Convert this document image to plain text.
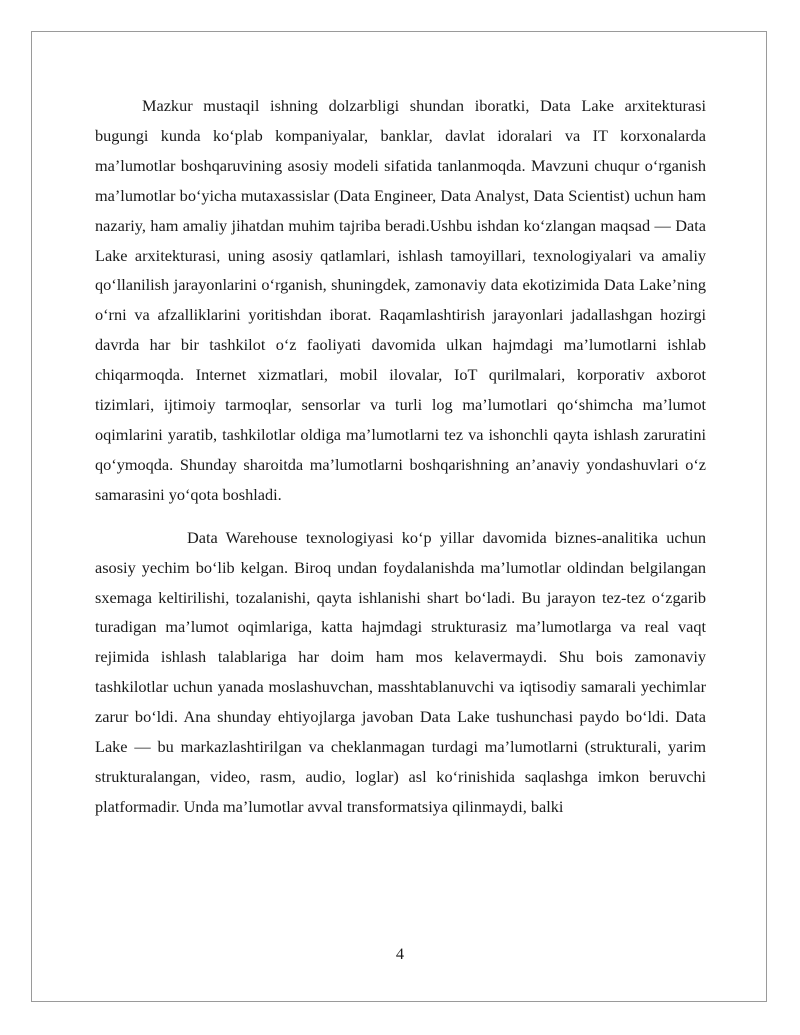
Mazkur mustaqil ishning dolzarbligi shundan iboratki, Data Lake arxitekturasi bugungi kunda koʻplab kompaniyalar, banklar, davlat idoralari va IT korxonalarda maʼlumotlar boshqaruvining asosiy modeli sifatida tanlanmoqda. Mavzuni chuqur oʻrganish maʼlumotlar boʻyicha mutaxassislar (Data Engineer, Data Analyst, Data Scientist) uchun ham nazariy, ham amaliy jihatdan muhim tajriba beradi.Ushbu ishdan koʻzlangan maqsad — Data Lake arxitekturasi, uning asosiy qatlamlari, ishlash tamoyillari, texnologiyalari va amaliy qoʻllanilish jarayonlarini oʻrganish, shuningdek, zamonaviy data ekotizimida Data Lake’ning oʻrni va afzalliklarini yoritishdan iborat. Raqamlashtirish jarayonlari jadallashgan hozirgi davrda har bir tashkilot oʻz faoliyati davomida ulkan hajmdagi maʼlumotlarni ishlab chiqarmoqda. Internet xizmatlari, mobil ilovalar, IoT qurilmalari, korporativ axborot tizimlari, ijtimoiy tarmoqlar, sensorlar va turli log maʼlumotlari qoʻshimcha maʼlumot oqimlarini yaratib, tashkilotlar oldiga maʼlumotlarni tez va ishonchli qayta ishlash zaruratini qoʻymoqda. Shunday sharoitda maʼlumotlarni boshqarishning an’anaviy yondashuvlari oʻz samarasini yoʻqota boshladi.

Data Warehouse texnologiyasi koʻp yillar davomida biznes-analitika uchun asosiy yechim boʻlib kelgan. Biroq undan foydalanishda maʼlumotlar oldindan belgilangan sxemaga keltirilishi, tozalanishi, qayta ishlanishi shart boʻladi. Bu jarayon tez-tez oʻzgarib turadigan maʼlumot oqimlariga, katta hajmdagi strukturasiz maʼlumotlarga va real vaqt rejimida ishlash talablariga har doim ham mos kelavermaydi. Shu bois zamonaviy tashkilotlar uchun yanada moslashuvchan, masshtablanuvchi va iqtisodiy samarali yechimlar zarur boʻldi. Ana shunday ehtiyojlarga javoban Data Lake tushunchasi paydo boʻldi. Data Lake — bu markazlashtirilgan va cheklanmagan turdagi maʼlumotlarni (strukturali, yarim strukturalangan, video, rasm, audio, loglar) asl koʻrinishida saqlashga imkon beruvchi platformadir. Unda maʼlumotlar avval transformatsiya qilinmaydi, balki

4
